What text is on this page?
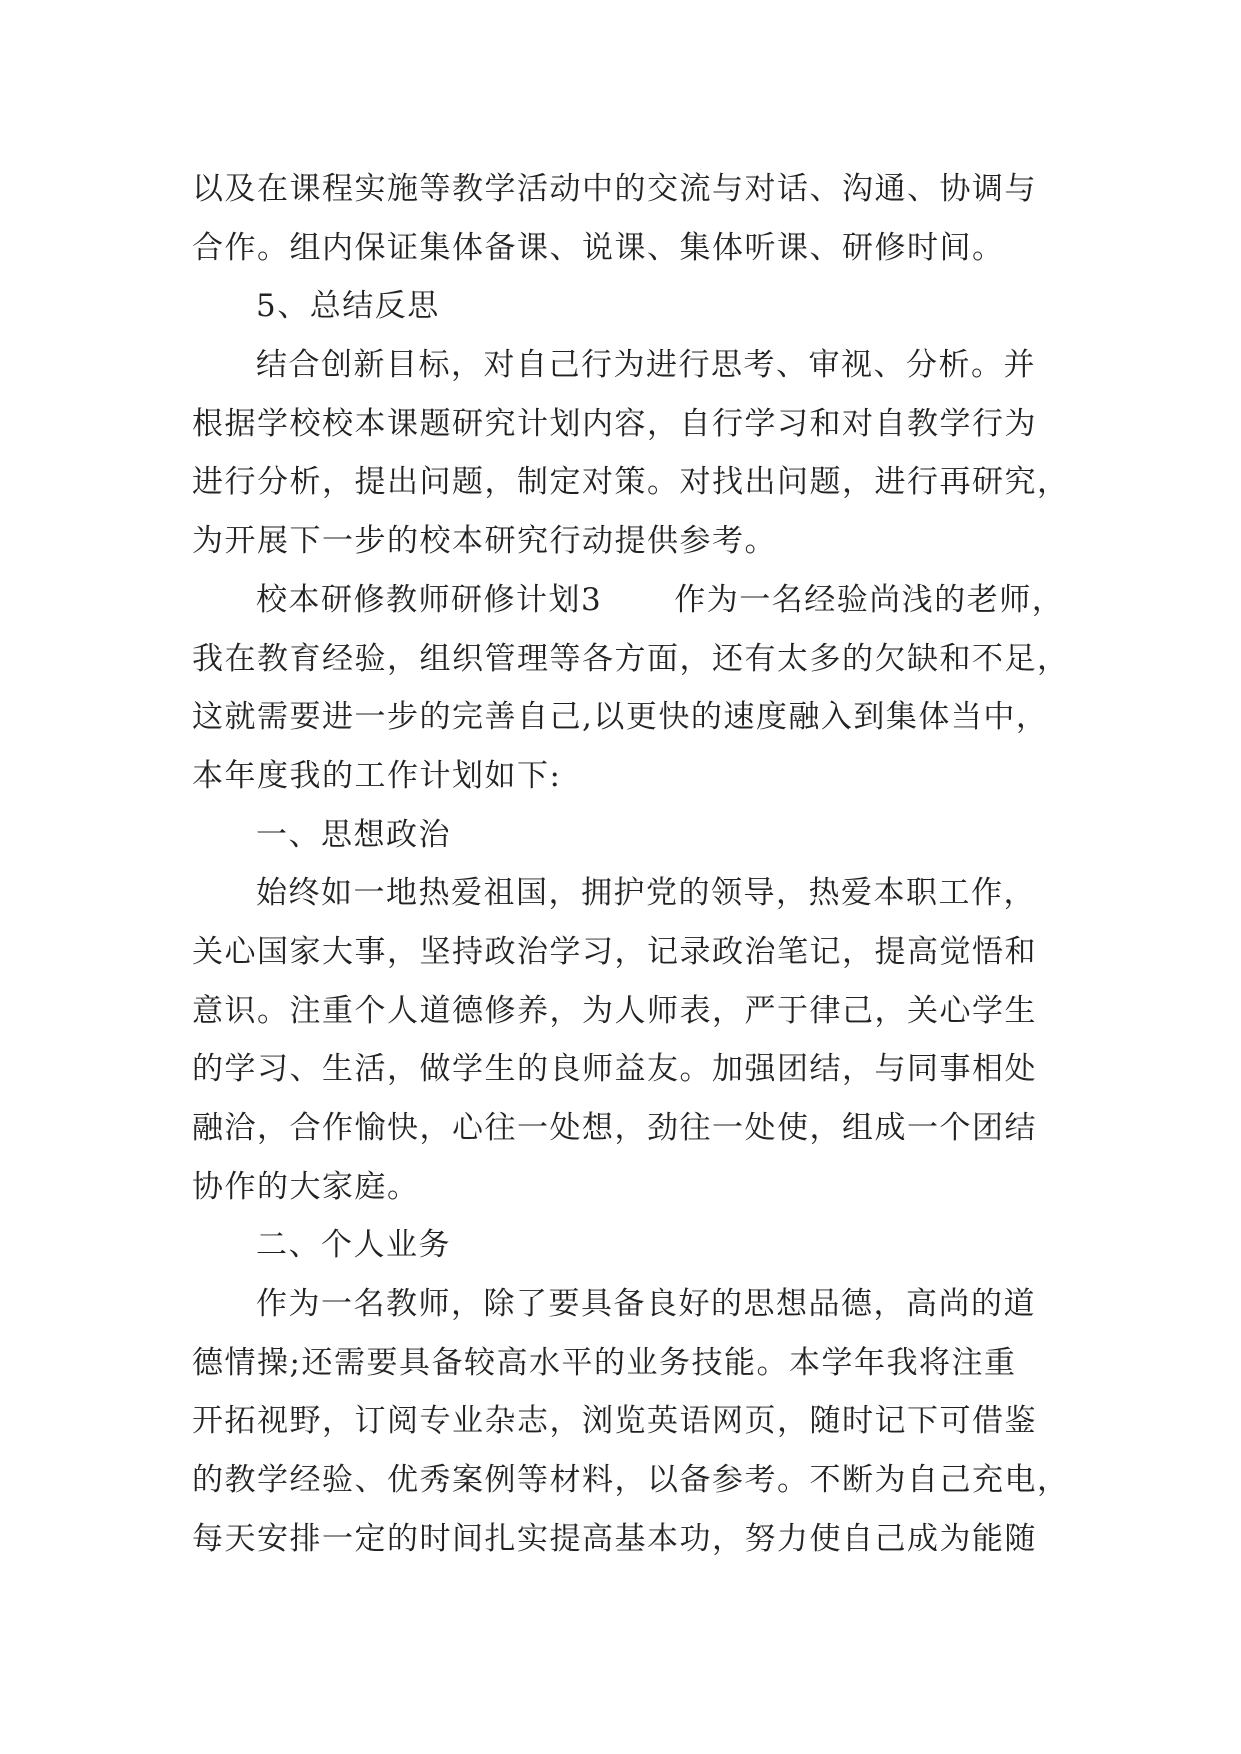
以及在课程实施等教学活动中的交流与对话、沟通、协调与

合作。组内保证集体备课、说课、集体听课、研修时间。

5、总结反思

结合创新目标，对自己行为进行思考、审视、分析。并

根据学校校本课题研究计划内容，自行学习和对自教学行为

进行分析，提出问题，制定对策。对找出问题，进行再研究，

为开展下一步的校本研究行动提供参考。

校本研修教师研修计划3 作为一名经验尚浅的老师，

我在教育经验，组织管理等各方面，还有太多的欠缺和不足，

这就需要进一步的完善自己,以更快的速度融入到集体当中，

本年度我的工作计划如下:

一、思想政治

始终如一地热爱祖国，拥护党的领导，热爱本职工作，

关心国家大事，坚持政治学习，记录政治笔记，提高觉悟和

意识。注重个人道德修养，为人师表，严于律己，关心学生

的学习、生活，做学生的良师益友。加强团结，与同事相处

融洽，合作愉快，心往一处想，劲往一处使，组成一个团结

协作的大家庭。

二、个人业务

作为一名教师，除了要具备良好的思想品德，高尚的道

德情操;还需要具备较高水平的业务技能。本学年我将注重

开拓视野，订阅专业杂志，浏览英语网页，随时记下可借鉴

的教学经验、优秀案例等材料，以备参考。不断为自己充电，

每天安排一定的时间扎实提高基本功，努力使自己成为能随
